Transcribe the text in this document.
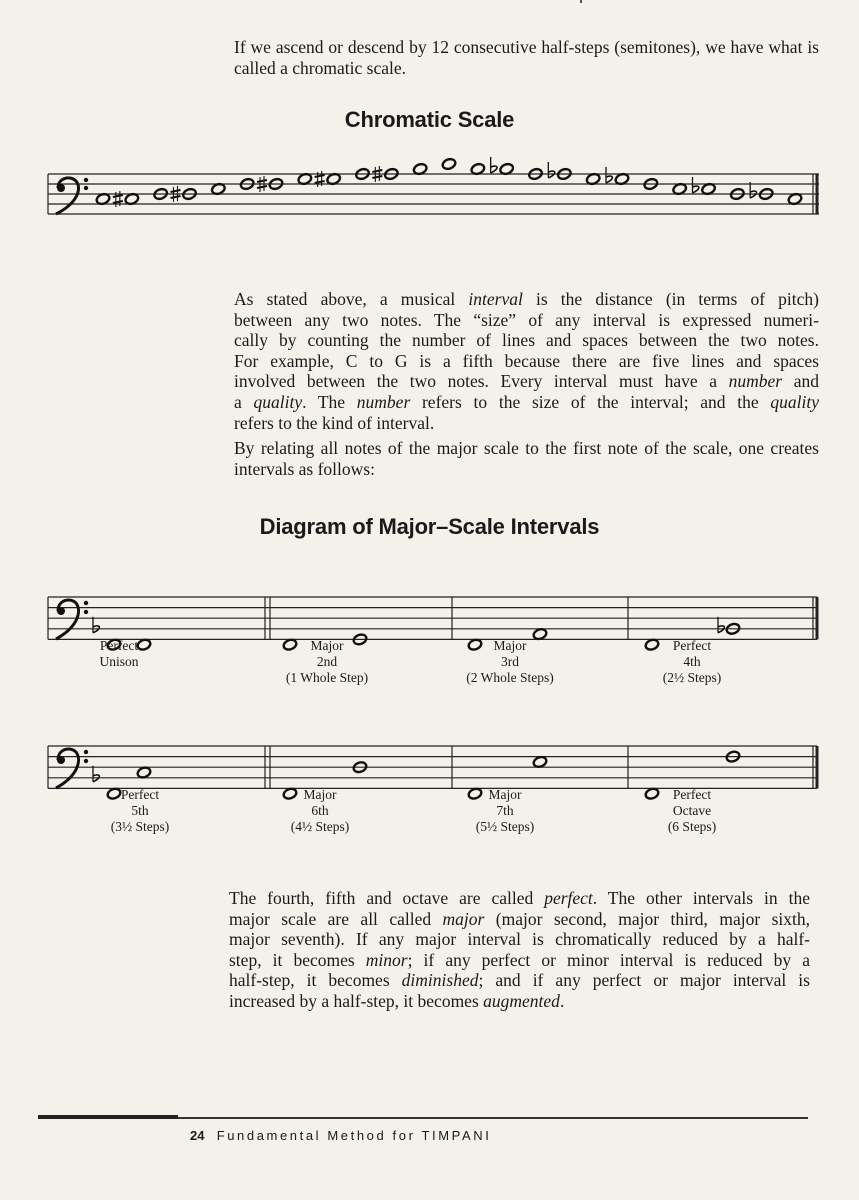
If we ascend or descend by 12 consecutive half-steps (semitones), we have what is called a chromatic scale.

Chromatic Scale
As stated above, a musical interval is the distance (in terms of pitch)
between any two notes. The “size” of any interval is expressed numeri-
cally by counting the number of lines and spaces between the two notes.
For example, C to G is a fifth because there are five lines and spaces
involved between the two notes. Every interval must have a number and
a quality. The number refers to the size of the interval; and the quality
refers to the kind of interval.

By relating all notes of the major scale to the first note of the scale, one creates intervals as follows:

Diagram of Major–Scale Intervals
Perfect
Unison
Major
2nd
(1 Whole Step)
Major
3rd
(2 Whole Steps)
Perfect
4th
(2½ Steps)
Perfect
5th
(3½ Steps)
Major
6th
(4½ Steps)
Major
7th
(5½ Steps)
Perfect
Octave
(6 Steps)
The fourth, fifth and octave are called perfect. The other intervals in the
major scale are all called major (major second, major third, major sixth,
major seventh). If any major interval is chromatically reduced by a half-
step, it becomes minor; if any perfect or minor interval is reduced by a
half-step, it becomes diminished; and if any perfect or major interval is
increased by a half-step, it becomes augmented.
24 Fundamental Method for TIMPANI
